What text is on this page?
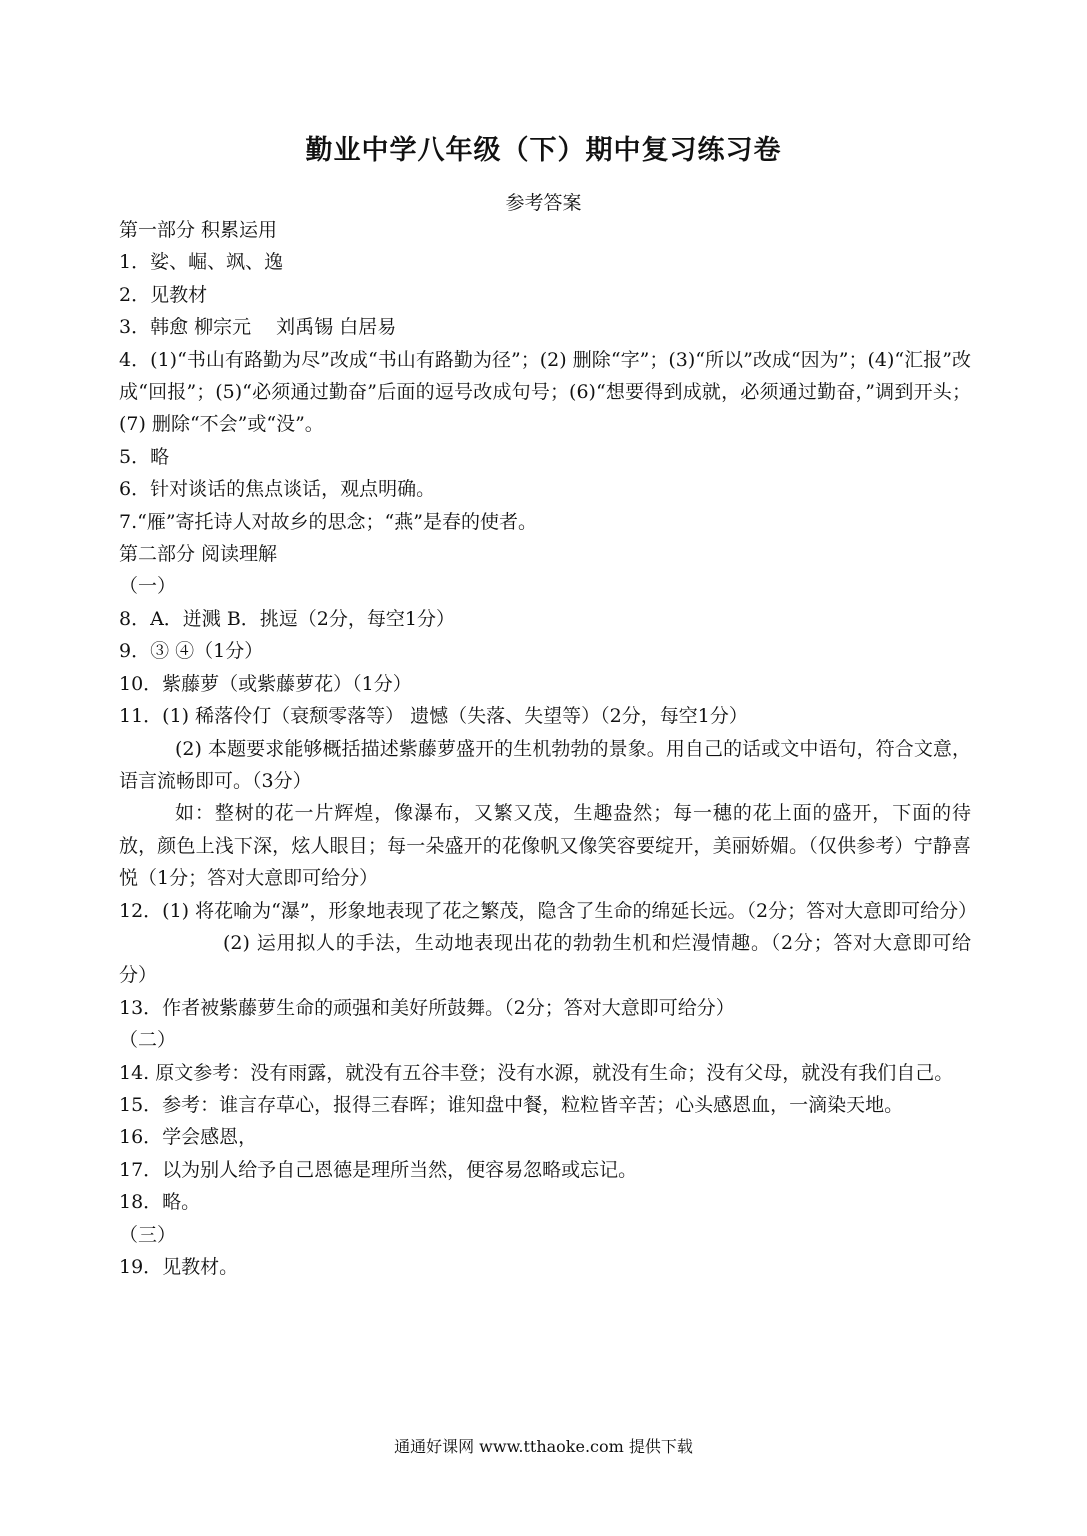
勤业中学八年级（下）期中复习练习卷
参考答案
第一部分 积累运用
1．娑、崛、飒、逸
2．见教材
3．韩愈 柳宗元　 刘禹锡 白居易
4．(1)“书山有路勤为尽”改成“书山有路勤为径”；(2) 删除“字”；(3)“所以”改成“因为”；(4)“汇报”改成“回报”；(5)“必须通过勤奋”后面的逗号改成句号；(6)“想要得到成就，必须通过勤奋，”调到开头；(7) 删除“不会”或“没”。
5．略
6．针对谈话的焦点谈话，观点明确。
7.“雁”寄托诗人对故乡的思念；“燕”是春的使者。
第二部分 阅读理解
（一）
8．A．迸溅 B．挑逗（2分，每空1分）
9．③ ④（1分）
10．紫藤萝（或紫藤萝花）（1分）
11．(1) 稀落伶仃（衰颓零落等） 遗憾（失落、失望等）（2分，每空1分）
(2) 本题要求能够概括描述紫藤萝盛开的生机勃勃的景象。用自己的话或文中语句，符合文意，语言流畅即可。（3分）
如：整树的花一片辉煌，像瀑布，又繁又茂，生趣盎然；每一穗的花上面的盛开，下面的待放，颜色上浅下深，炫人眼目；每一朵盛开的花像帆又像笑容要绽开，美丽娇媚。（仅供参考）宁静喜悦（1分；答对大意即可给分）
12．(1) 将花喻为“瀑”，形象地表现了花之繁茂，隐含了生命的绵延长远。（2分；答对大意即可给分）
(2) 运用拟人的手法，生动地表现出花的勃勃生机和烂漫情趣。（2分；答对大意即可给分）
13．作者被紫藤萝生命的顽强和美好所鼓舞。（2分；答对大意即可给分）
（二）
14. 原文参考：没有雨露，就没有五谷丰登；没有水源，就没有生命；没有父母，就没有我们自己。
15．参考：谁言存草心，报得三春晖；谁知盘中餐，粒粒皆辛苦；心头感恩血，一滴染天地。
16．学会感恩，
17．以为别人给予自己恩德是理所当然，便容易忽略或忘记。
18．略。
（三）
19．见教材。
通通好课网 www.tthaoke.com 提供下载
